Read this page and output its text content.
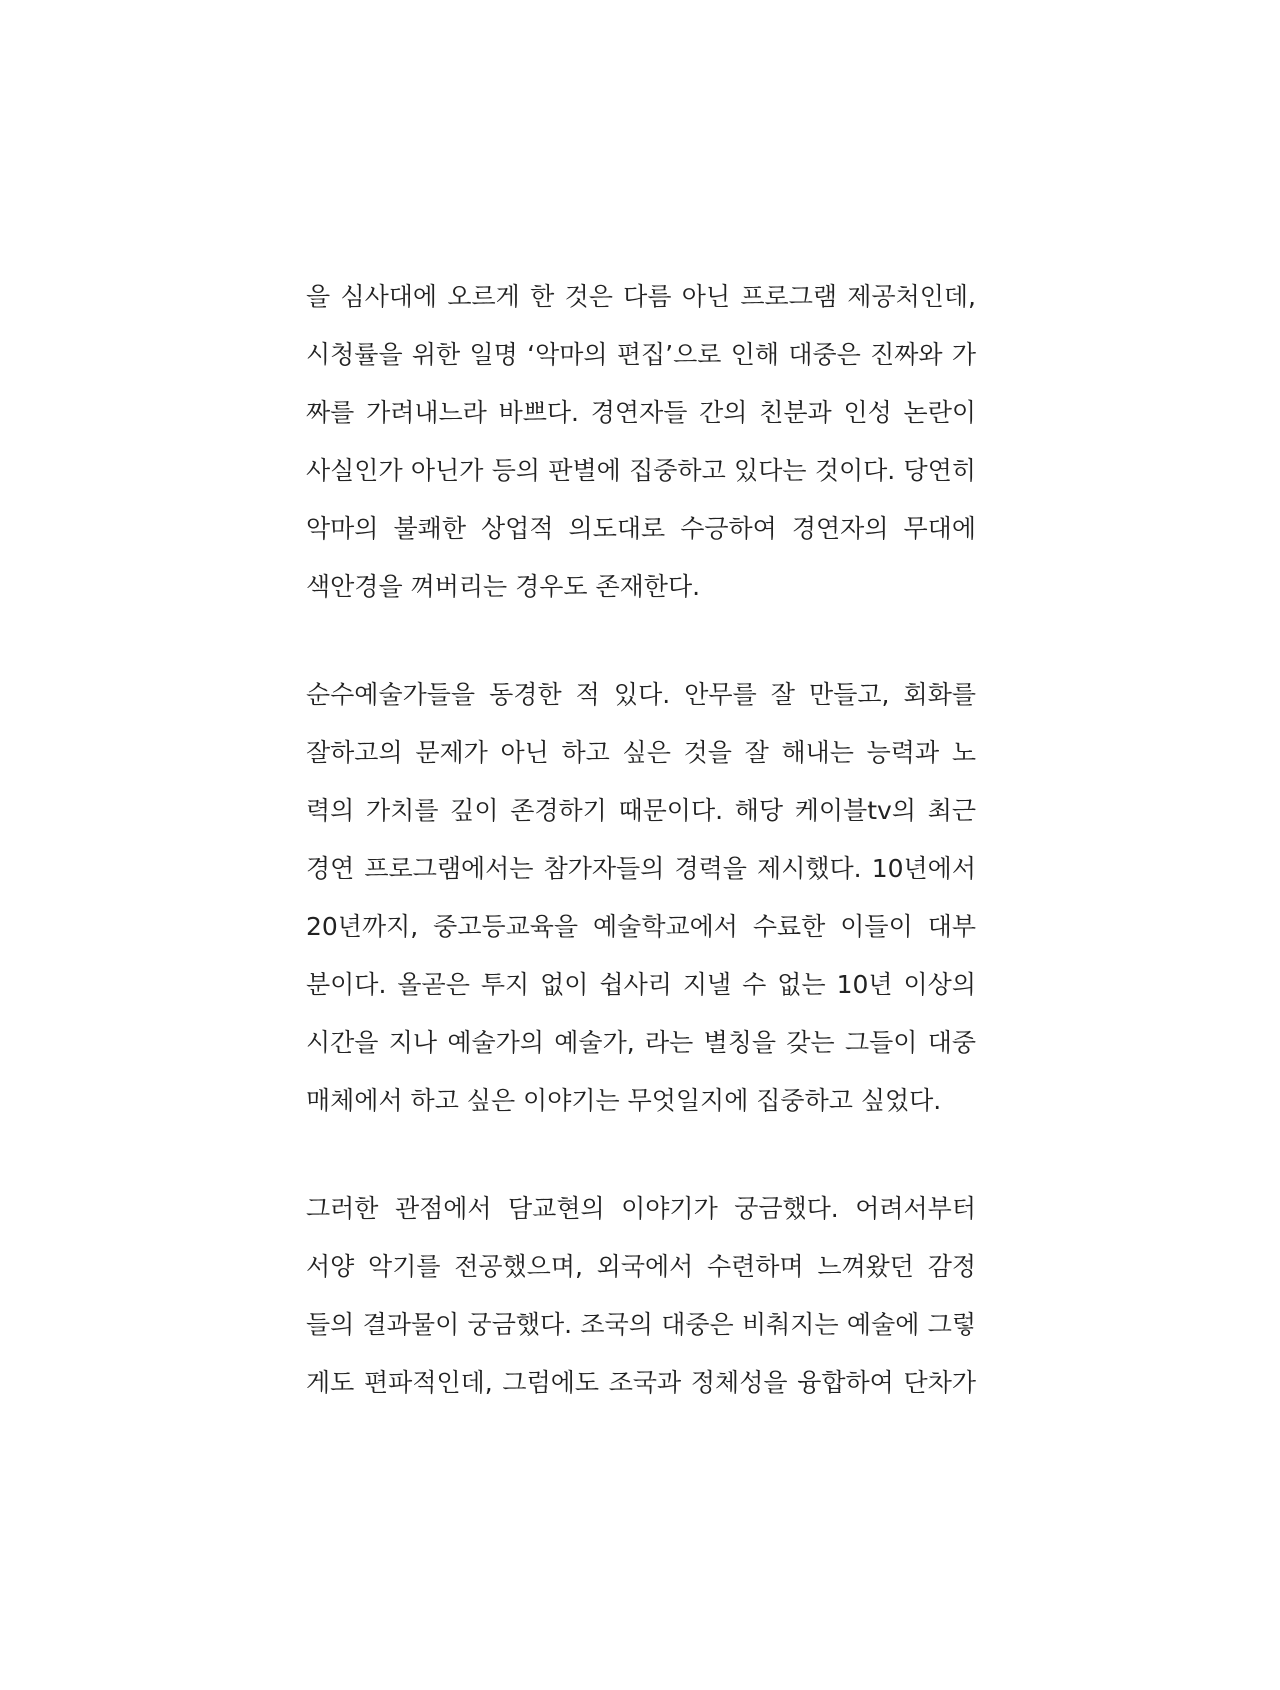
을 심사대에 오르게 한 것은 다름 아닌 프로그램 제공처인데,
시청률을 위한 일명 ‘악마의 편집’으로 인해 대중은 진짜와 가
짜를 가려내느라 바쁘다. 경연자들 간의 친분과 인성 논란이
사실인가 아닌가 등의 판별에 집중하고 있다는 것이다. 당연히
악마의 불쾌한 상업적 의도대로 수긍하여 경연자의 무대에
색안경을 껴버리는 경우도 존재한다.

순수예술가들을 동경한 적 있다. 안무를 잘 만들고, 회화를
잘하고의 문제가 아닌 하고 싶은 것을 잘 해내는 능력과 노
력의 가치를 깊이 존경하기 때문이다. 해당 케이블tv의 최근
경연 프로그램에서는 참가자들의 경력을 제시했다. 10년에서
20년까지, 중고등교육을 예술학교에서 수료한 이들이 대부
분이다. 올곧은 투지 없이 쉽사리 지낼 수 없는 10년 이상의
시간을 지나 예술가의 예술가, 라는 별칭을 갖는 그들이 대중
매체에서 하고 싶은 이야기는 무엇일지에 집중하고 싶었다.

그러한 관점에서 담교현의 이야기가 궁금했다. 어려서부터
서양 악기를 전공했으며, 외국에서 수련하며 느껴왔던 감정
들의 결과물이 궁금했다. 조국의 대중은 비춰지는 예술에 그렇
게도 편파적인데, 그럼에도 조국과 정체성을 융합하여 단차가
